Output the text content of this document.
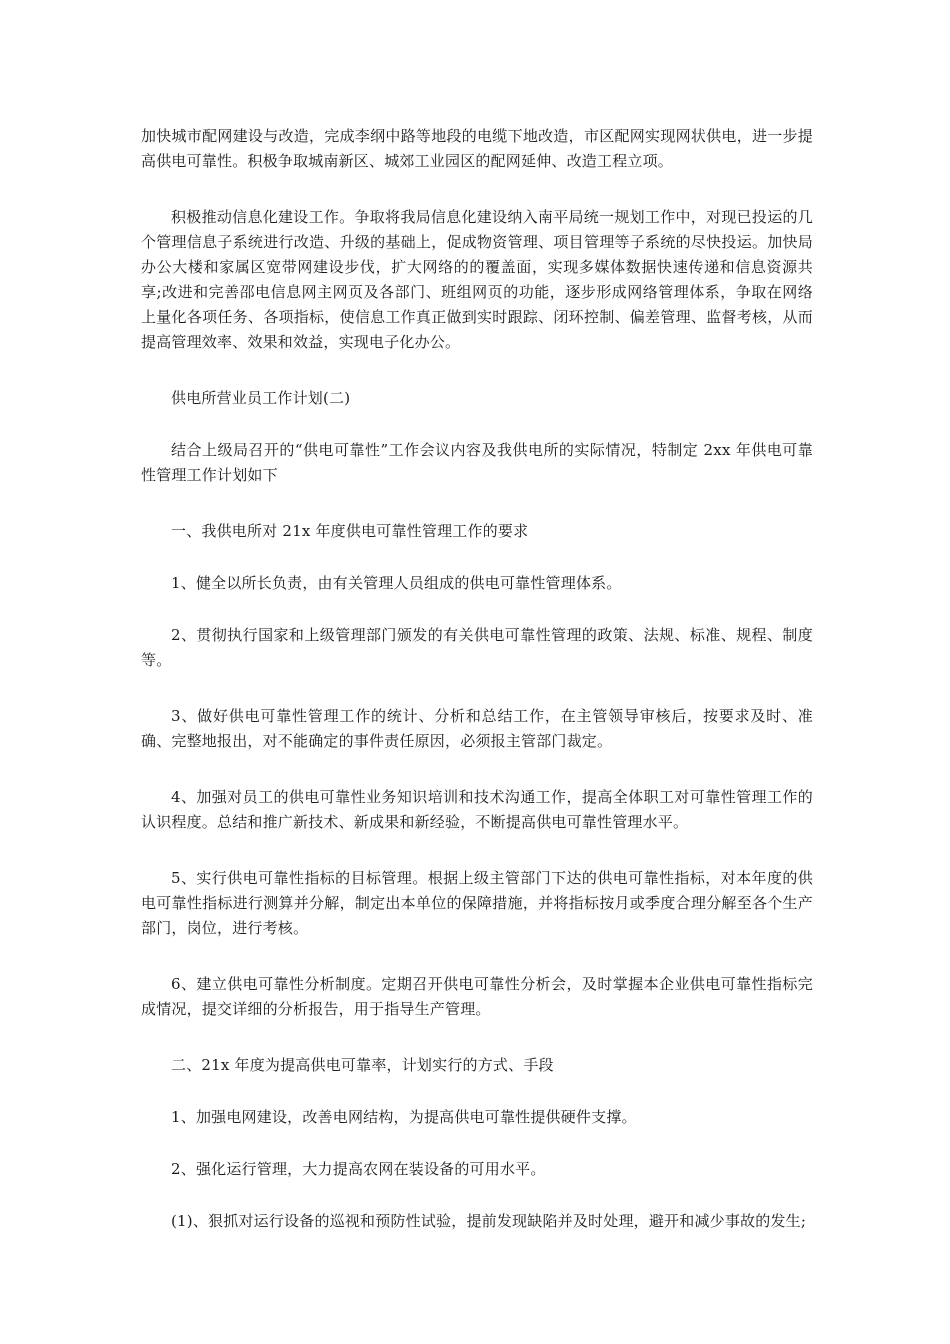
加快城市配网建设与改造，完成李纲中路等地段的电缆下地改造，市区配网实现网状供电，进一步提高供电可靠性。积极争取城南新区、城郊工业园区的配网延伸、改造工程立项。

积极推动信息化建设工作。争取将我局信息化建设纳入南平局统一规划工作中，对现已投运的几个管理信息子系统进行改造、升级的基础上，促成物资管理、项目管理等子系统的尽快投运。加快局办公大楼和家属区宽带网建设步伐，扩大网络的的覆盖面，实现多媒体数据快速传递和信息资源共享;改进和完善邵电信息网主网页及各部门、班组网页的功能，逐步形成网络管理体系，争取在网络上量化各项任务、各项指标，使信息工作真正做到实时跟踪、闭环控制、偏差管理、监督考核，从而提高管理效率、效果和效益，实现电子化办公。

供电所营业员工作计划(二)

结合上级局召开的“供电可靠性”工作会议内容及我供电所的实际情况，特制定 2xx 年供电可靠性管理工作计划如下

一、我供电所对 21x 年度供电可靠性管理工作的要求

1、健全以所长负责，由有关管理人员组成的供电可靠性管理体系。

2、贯彻执行国家和上级管理部门颁发的有关供电可靠性管理的政策、法规、标准、规程、制度等。

3、做好供电可靠性管理工作的统计、分析和总结工作，在主管领导审核后，按要求及时、准确、完整地报出，对不能确定的事件责任原因，必须报主管部门裁定。

4、加强对员工的供电可靠性业务知识培训和技术沟通工作，提高全体职工对可靠性管理工作的认识程度。总结和推广新技术、新成果和新经验，不断提高供电可靠性管理水平。

5、实行供电可靠性指标的目标管理。根据上级主管部门下达的供电可靠性指标，对本年度的供电可靠性指标进行测算并分解，制定出本单位的保障措施，并将指标按月或季度合理分解至各个生产部门，岗位，进行考核。

6、建立供电可靠性分析制度。定期召开供电可靠性分析会，及时掌握本企业供电可靠性指标完成情况，提交详细的分析报告，用于指导生产管理。

二、21x 年度为提高供电可靠率，计划实行的方式、手段

1、加强电网建设，改善电网结构，为提高供电可靠性提供硬件支撑。

2、强化运行管理，大力提高农网在装设备的可用水平。

(1)、狠抓对运行设备的巡视和预防性试验，提前发现缺陷并及时处理，避开和减少事故的发生;
